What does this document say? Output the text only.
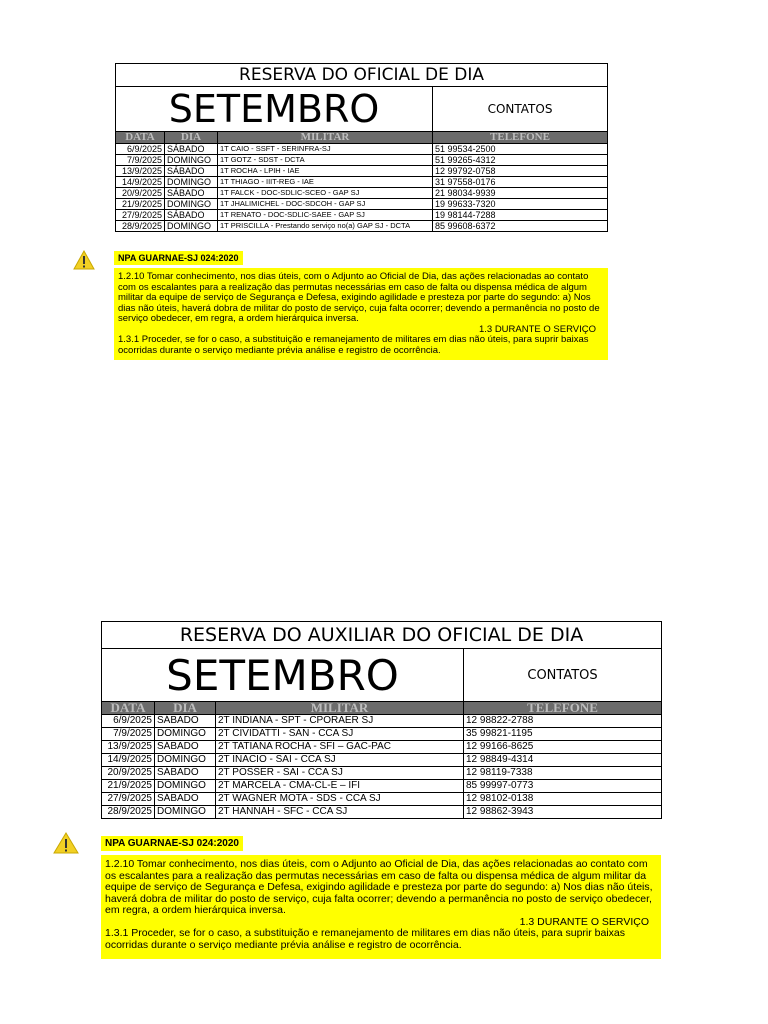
RESERVA DO OFICIAL DE DIA			
SETEMBRO			CONTATOS
DATA	DIA	MILITAR	TELEFONE
6/9/2025	SÁBADO	1T CAIO - SSFT - SERINFRA-SJ	51 99534-2500
7/9/2025	DOMINGO	1T GOTZ - SDST - DCTA	51 99265-4312
13/9/2025	SÁBADO	1T ROCHA - LPIH - IAE	12 99792-0758
14/9/2025	DOMINGO	1T THIAGO - IIIT-REG - IAE	31 97558-0176
20/9/2025	SÁBADO	1T FALCK - DOC-SDLIC-SCEO - GAP SJ	21 98034-9939
21/9/2025	DOMINGO	1T JHALIMICHEL - DOC-SDCOH - GAP SJ	19 99633-7320
27/9/2025	SÁBADO	1T RENATO - DOC-SDLIC-SAEE - GAP SJ	19 98144-7288
28/9/2025	DOMINGO	1T PRISCILLA - Prestando serviço no(a) GAP SJ - DCTA	85 99608-6372
NPA GUARNAE-SJ 024:2020

1.2.10 Tomar conhecimento, nos dias úteis, com o Adjunto ao Oficial de Dia, das ações relacionadas ao contato com os escalantes para a realização das permutas necessárias em caso de falta ou dispensa médica de algum militar da equipe de serviço de Segurança e Defesa, exigindo agilidade e presteza por parte do segundo: a) Nos dias não úteis, haverá dobra de militar do posto de serviço, cuja falta ocorrer; devendo a permanência no posto de serviço obedecer, em regra, a ordem hierárquica inversa.

1.3 DURANTE O SERVIÇO

1.3.1 Proceder, se for o caso, a substituição e remanejamento de militares em dias não úteis, para suprir baixas ocorridas durante o serviço mediante prévia análise e registro de ocorrência.

RESERVA DO AUXILIAR DO OFICIAL DE DIA			
SETEMBRO			CONTATOS
DATA	DIA	MILITAR	TELEFONE
6/9/2025	SÁBADO	2T INDIANA - SPT - CPORAER SJ	12 98822-2788
7/9/2025	DOMINGO	2T CIVIDATTI - SAN - CCA SJ	35 99821-1195
13/9/2025	SÁBADO	2T TATIANA ROCHA - SFI – GAC-PAC	12 99166-8625
14/9/2025	DOMINGO	2T INACIO - SAI - CCA SJ	12 98849-4314
20/9/2025	SÁBADO	2T POSSER - SAI - CCA SJ	12 98119-7338
21/9/2025	DOMINGO	2T MARCELA - CMA-CL-E – IFI	85 99997-0773
27/9/2025	SÁBADO	2T WAGNER MOTA - SDS - CCA SJ	12 98102-0138
28/9/2025	DOMINGO	2T HANNAH - SFC - CCA SJ	12 98862-3943
NPA GUARNAE-SJ 024:2020

1.2.10 Tomar conhecimento, nos dias úteis, com o Adjunto ao Oficial de Dia, das ações relacionadas ao contato com os escalantes para a realização das permutas necessárias em caso de falta ou dispensa médica de algum militar da equipe de serviço de Segurança e Defesa, exigindo agilidade e presteza por parte do segundo: a) Nos dias não úteis, haverá dobra de militar do posto de serviço, cuja falta ocorrer; devendo a permanência no posto de serviço obedecer, em regra, a ordem hierárquica inversa.

1.3 DURANTE O SERVIÇO

1.3.1 Proceder, se for o caso, a substituição e remanejamento de militares em dias não úteis, para suprir baixas ocorridas durante o serviço mediante prévia análise e registro de ocorrência.
